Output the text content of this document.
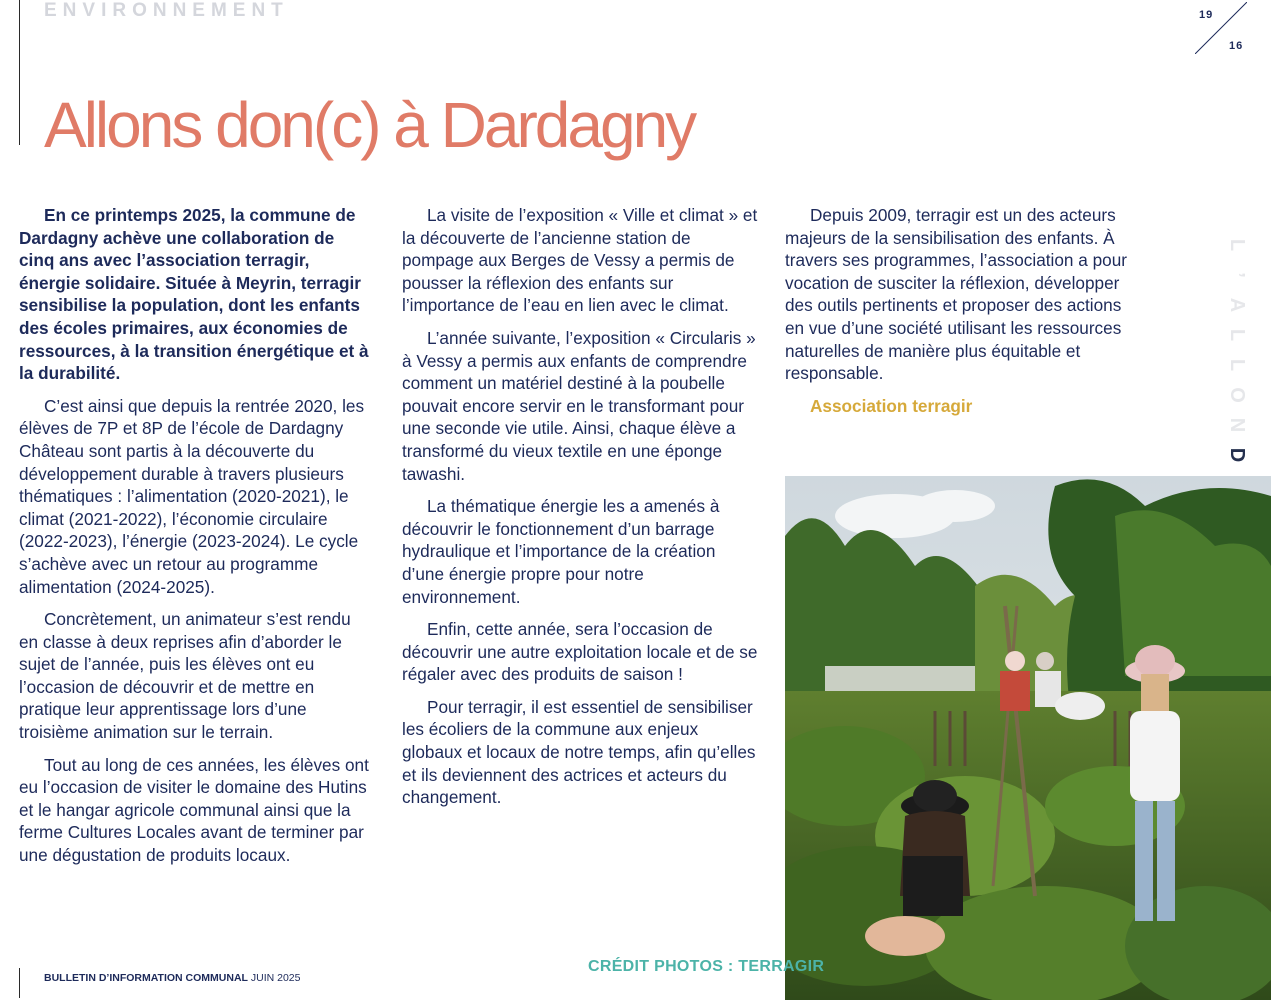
ENVIRONNEMENT	19
16
Allons don(c) à Dardagny

En ce printemps 2025, la commune de Dardagny achève une collaboration de cinq ans avec l’association terragir, énergie solidaire. Située à Meyrin, terragir sensibilise la population, dont les enfants des écoles primaires, aux économies de ressources, à la transition énergétique et à la durabilité.

C’est ainsi que depuis la rentrée 2020, les élèves de 7P et 8P de l’école de Dardagny Château sont partis à la découverte du développement durable à travers plusieurs thématiques : l’alimentation (2020-2021), le climat (2021-2022), l’économie circulaire (2022-2023), l’énergie (2023-2024). Le cycle s’achève avec un retour au programme alimentation (2024-2025).

Concrètement, un animateur s’est rendu en classe à deux reprises afin d’aborder le sujet de l’année, puis les élèves ont eu l’occasion de découvrir et de mettre en pratique leur apprentissage lors d’une troisième animation sur le terrain.

Tout au long de ces années, les élèves ont eu l’occasion de visiter le domaine des Hutins et le hangar agricole communal ainsi que la ferme Cultures Locales avant de terminer par une dégustation de produits locaux.

La visite de l’exposition « Ville et climat » et la découverte de l’ancienne station de pompage aux Berges de Vessy a permis de pousser la réflexion des enfants sur l’importance de l’eau en lien avec le climat.

L’année suivante, l’exposition « Circularis » à Vessy a permis aux enfants de comprendre comment un matériel destiné à la poubelle pouvait encore servir en le transformant pour une seconde vie utile. Ainsi, chaque élève a transformé du vieux textile en une éponge tawashi.

La thématique énergie les a amenés à découvrir le fonctionnement d’un barrage hydraulique et l’importance de la création d’une énergie propre pour notre environnement.

Enfin, cette année, sera l’occasion de découvrir une autre exploitation locale et de se régaler avec des produits de saison !

Pour terragir, il est essentiel de sensibiliser les écoliers de la commune aux enjeux globaux et locaux de notre temps, afin qu’elles et ils deviennent des actrices et acteurs du changement.

Depuis 2009, terragir est un des acteurs majeurs de la sensibilisation des enfants. À travers ses programmes, l’association a pour vocation de susciter la réflexion, développer des outils pertinents et proposer des actions en vue d’une société utilisant les ressources naturelles de manière plus équitable et responsable.

Association terragir

L
’
A
L
L
O
N
D
CRÉDIT PHOTOS : TERRAGIR
BULLETIN D’INFORMATION COMMUNAL JUIN 2025
